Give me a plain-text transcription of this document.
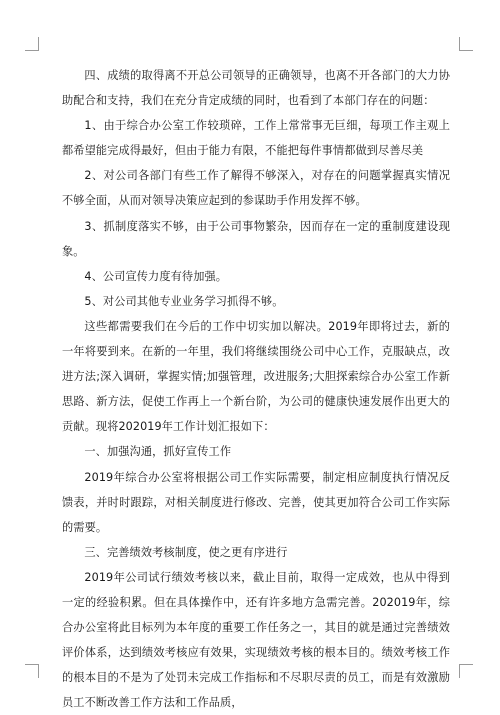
四、成绩的取得离不开总公司领导的正确领导，也离不开各部门的大力协助配合和支持，我们在充分肯定成绩的同时，也看到了本部门存在的问题：

1、由于综合办公室工作较琐碎，工作上常常事无巨细，每项工作主观上都希望能完成得最好，但由于能力有限，不能把每件事情都做到尽善尽美

2、对公司各部门有些工作了解得不够深入，对存在的问题掌握真实情况不够全面，从而对领导决策应起到的参谋助手作用发挥不够。

3、抓制度落实不够，由于公司事物繁杂，因而存在一定的重制度建设现象。

4、公司宣传力度有待加强。

5、对公司其他专业业务学习抓得不够。

这些都需要我们在今后的工作中切实加以解决。2019年即将过去，新的一年将要到来。在新的一年里，我们将继续围绕公司中心工作，克服缺点，改进方法;深入调研，掌握实情;加强管理，改进服务;大胆探索综合办公室工作新思路、新方法，促使工作再上一个新台阶，为公司的健康快速发展作出更大的贡献。现将202019年工作计划汇报如下：

一、加强沟通，抓好宣传工作

2019年综合办公室将根据公司工作实际需要，制定相应制度执行情况反馈表，并时时跟踪，对相关制度进行修改、完善，使其更加符合公司工作实际的需要。

三、完善绩效考核制度，使之更有序进行

2019年公司试行绩效考核以来，截止目前，取得一定成效，也从中得到一定的经验积累。但在具体操作中，还有许多地方急需完善。202019年，综合办公室将此目标列为本年度的重要工作任务之一，其目的就是通过完善绩效评价体系，达到绩效考核应有效果，实现绩效考核的根本目的。绩效考核工作的根本目的不是为了处罚未完成工作指标和不尽职尽责的员工，而是有效激励员工不断改善工作方法和工作品质，
